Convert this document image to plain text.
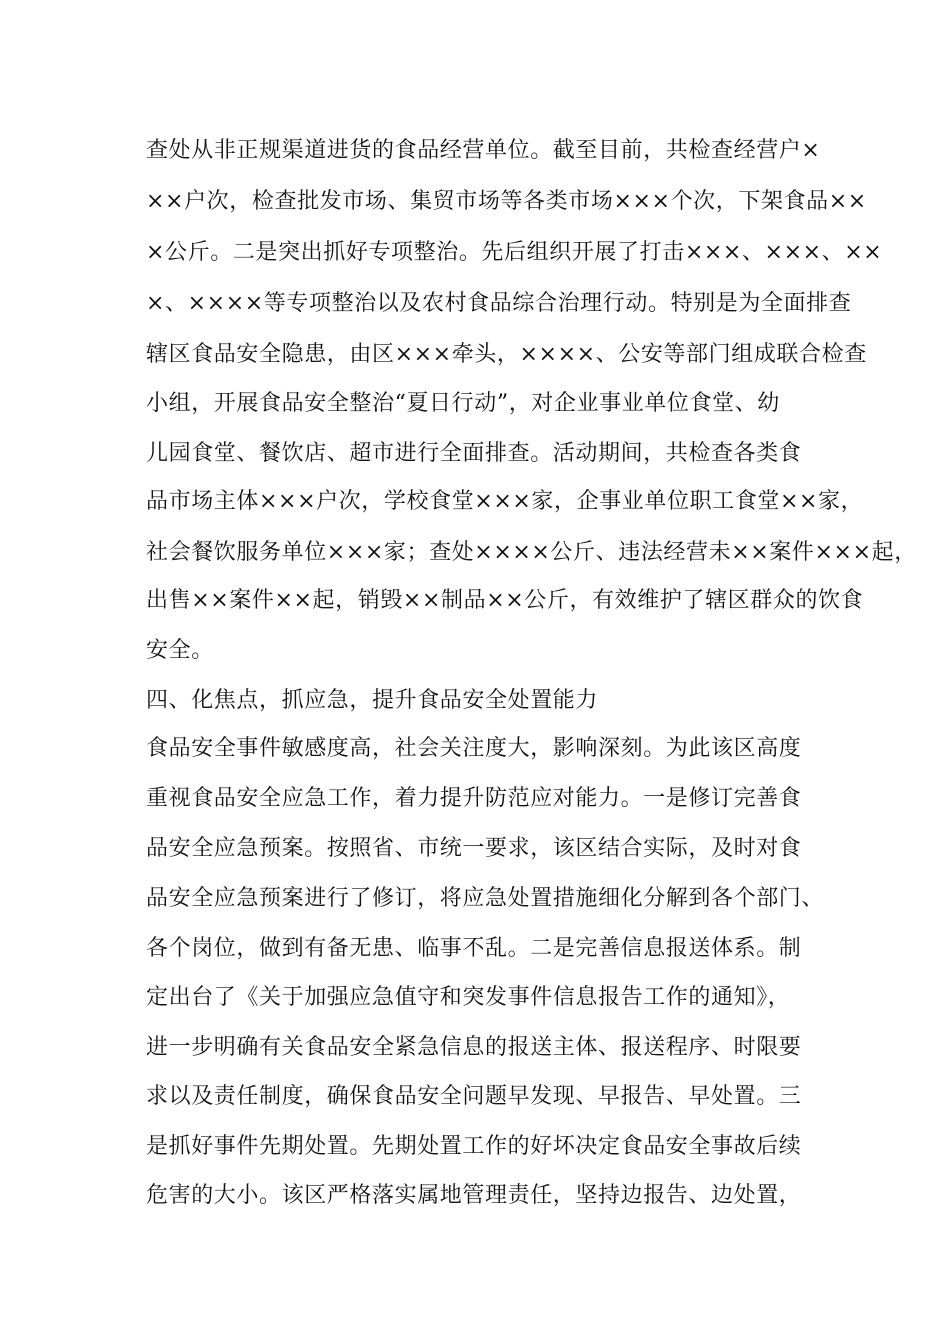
查处从非正规渠道进货的食品经营单位。截至目前，共检查经营户×
××户次，检查批发市场、集贸市场等各类市场×××个次，下架食品××
×公斤。二是突出抓好专项整治。先后组织开展了打击×××、×××、××
×、××××等专项整治以及农村食品综合治理行动。特别是为全面排查
辖区食品安全隐患，由区×××牵头，××××、公安等部门组成联合检查
小组，开展食品安全整治“夏日行动”，对企业事业单位食堂、幼
儿园食堂、餐饮店、超市进行全面排查。活动期间，共检查各类食
品市场主体×××户次，学校食堂×××家，企事业单位职工食堂××家，
社会餐饮服务单位×××家；查处××××公斤、违法经营未××案件×××起，
出售××案件××起，销毁××制品××公斤，有效维护了辖区群众的饮食
安全。
四、化焦点，抓应急，提升食品安全处置能力
食品安全事件敏感度高，社会关注度大，影响深刻。为此该区高度
重视食品安全应急工作，着力提升防范应对能力。一是修订完善食
品安全应急预案。按照省、市统一要求，该区结合实际，及时对食
品安全应急预案进行了修订，将应急处置措施细化分解到各个部门、
各个岗位，做到有备无患、临事不乱。二是完善信息报送体系。制
定出台了《关于加强应急值守和突发事件信息报告工作的通知》，
进一步明确有关食品安全紧急信息的报送主体、报送程序、时限要
求以及责任制度，确保食品安全问题早发现、早报告、早处置。三
是抓好事件先期处置。先期处置工作的好坏决定食品安全事故后续
危害的大小。该区严格落实属地管理责任，坚持边报告、边处置，
